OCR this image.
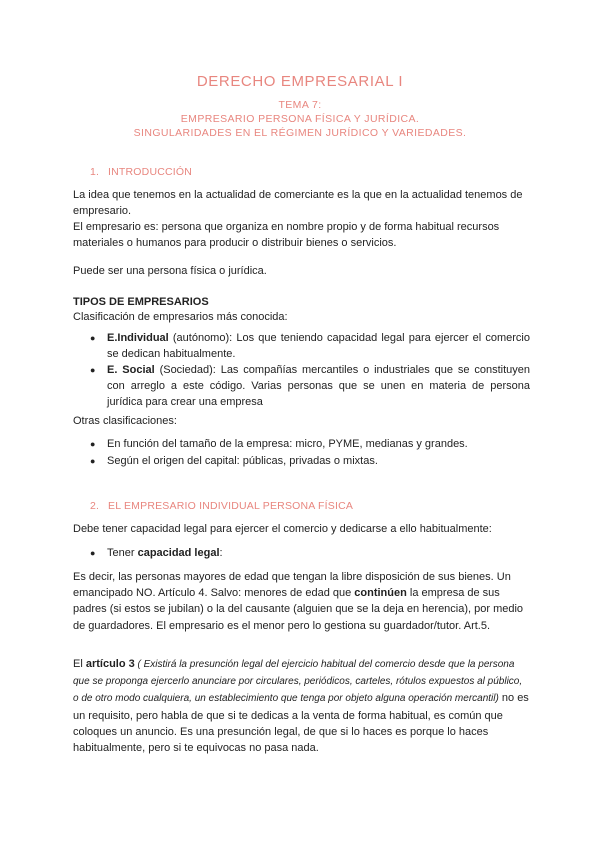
DERECHO EMPRESARIAL I
TEMA 7:
EMPRESARIO PERSONA FÍSICA Y JURÍDICA.
SINGULARIDADES EN EL RÉGIMEN JURÍDICO Y VARIEDADES.
1. INTRODUCCIÓN

La idea que tenemos en la actualidad de comerciante es la que en la actualidad tenemos de empresario.

El empresario es: persona que organiza en nombre propio y de forma habitual recursos materiales o humanos para producir o distribuir bienes o servicios.

Puede ser una persona física o jurídica.

TIPOS DE EMPRESARIOS

Clasificación de empresarios más conocida:

● E.Individual (autónomo): Los que teniendo capacidad legal para ejercer el comercio se dedican habitualmente.
● E. Social (Sociedad): Las compañías mercantiles o industriales que se constituyen con arreglo a este código. Varias personas que se unen en materia de persona jurídica para crear una empresa

Otras clasificaciones:

● En función del tamaño de la empresa: micro, PYME, medianas y grandes.
● Según el origen del capital: públicas, privadas o mixtas.
2. EL EMPRESARIO INDIVIDUAL PERSONA FÍSICA

Debe tener capacidad legal para ejercer el comercio y dedicarse a ello habitualmente:

● Tener capacidad legal:

Es decir, las personas mayores de edad que tengan la libre disposición de sus bienes. Un emancipado NO. Artículo 4. Salvo: menores de edad que continúen la empresa de sus padres (si estos se jubilan) o la del causante (alguien que se la deja en herencia), por medio de guardadores. El empresario es el menor pero lo gestiona su guardador/tutor. Art.5.

El artículo 3 ( Existirá la presunción legal del ejercicio habitual del comercio desde que la persona que se proponga ejercerlo anunciare por circulares, periódicos, carteles, rótulos expuestos al público, o de otro modo cualquiera, un establecimiento que tenga por objeto alguna operación mercantil) no es un requisito, pero habla de que si te dedicas a la venta de forma habitual, es común que coloques un anuncio. Es una presunción legal, de que si lo haces es porque lo haces habitualmente, pero si te equivocas no pasa nada.
